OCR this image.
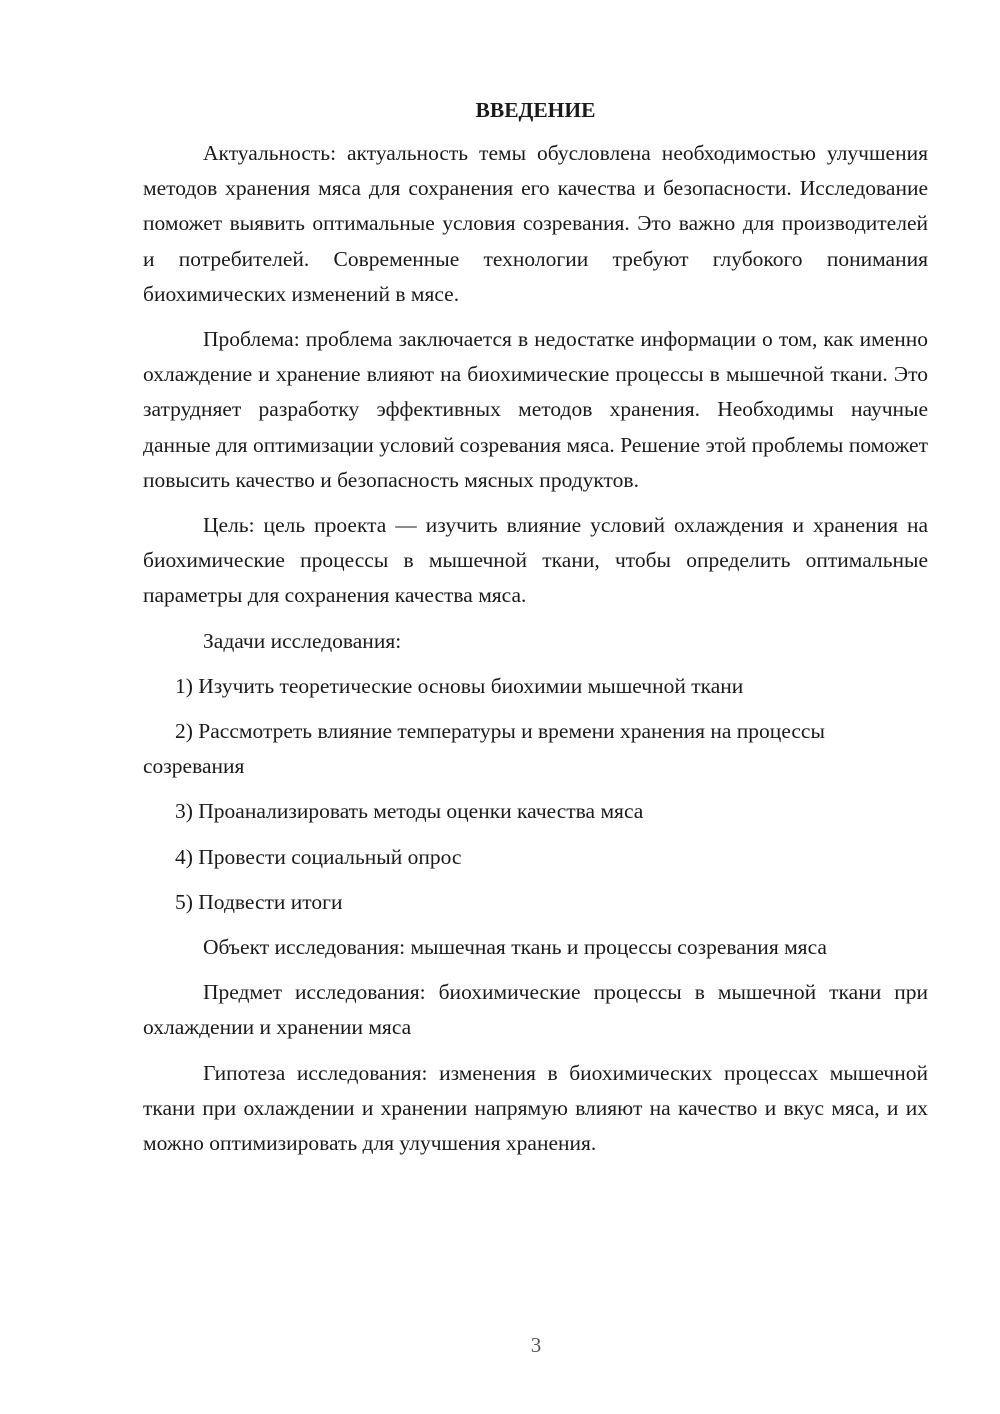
ВВЕДЕНИЕ

Актуальность: актуальность темы обусловлена необходимостью улучшения методов хранения мяса для сохранения его качества и безопасности. Исследование поможет выявить оптимальные условия созревания. Это важно для производителей и потребителей. Современные технологии требуют глубокого понимания биохимических изменений в мясе.

Проблема: проблема заключается в недостатке информации о том, как именно охлаждение и хранение влияют на биохимические процессы в мышечной ткани. Это затрудняет разработку эффективных методов хранения. Необходимы научные данные для оптимизации условий созревания мяса. Решение этой проблемы поможет повысить качество и безопасность мясных продуктов.

Цель: цель проекта — изучить влияние условий охлаждения и хранения на биохимические процессы в мышечной ткани, чтобы определить оптимальные параметры для сохранения качества мяса.

Задачи исследования:

1) Изучить теоретические основы биохимии мышечной ткани

2) Рассмотреть влияние температуры и времени хранения на процессы созревания

3) Проанализировать методы оценки качества мяса

4) Провести социальный опрос

5) Подвести итоги

Объект исследования: мышечная ткань и процессы созревания мяса

Предмет исследования: биохимические процессы в мышечной ткани при охлаждении и хранении мяса

Гипотеза исследования: изменения в биохимических процессах мышечной ткани при охлаждении и хранении напрямую влияют на качество и вкус мяса, и их можно оптимизировать для улучшения хранения.

3
